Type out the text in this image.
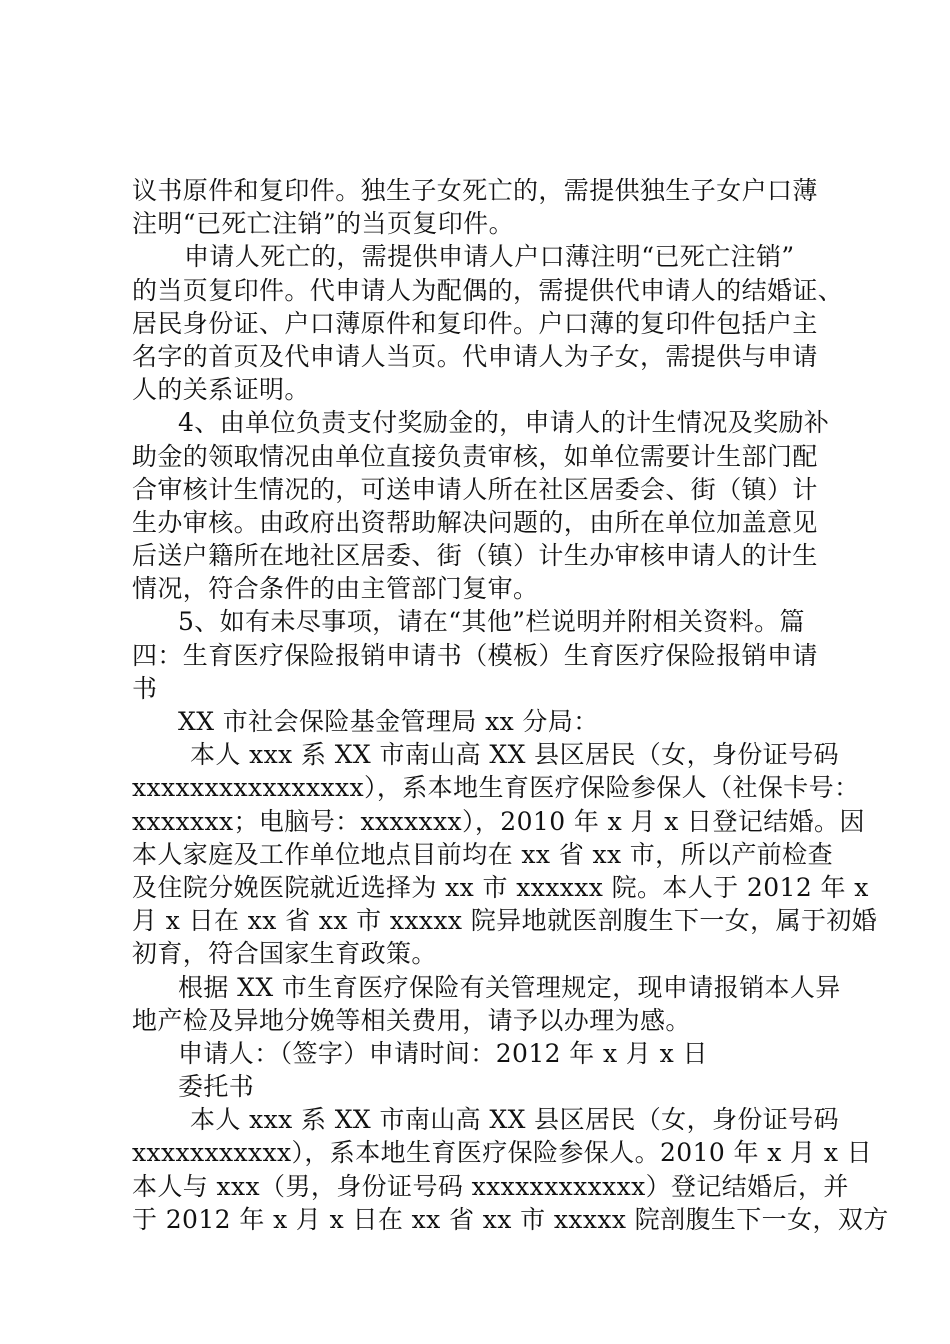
议书原件和复印件。独生子女死亡的，需提供独生子女户口薄
注明“已死亡注销”的当页复印件。
申请人死亡的，需提供申请人户口薄注明“已死亡注销”
的当页复印件。代申请人为配偶的，需提供代申请人的结婚证、
居民身份证、户口薄原件和复印件。户口薄的复印件包括户主
名字的首页及代申请人当页。代申请人为子女，需提供与申请
人的关系证明。
4、由单位负责支付奖励金的，申请人的计生情况及奖励补
助金的领取情况由单位直接负责审核，如单位需要计生部门配
合审核计生情况的，可送申请人所在社区居委会、街（镇）计
生办审核。由政府出资帮助解决问题的，由所在单位加盖意见
后送户籍所在地社区居委、街（镇）计生办审核申请人的计生
情况，符合条件的由主管部门复审。
5、如有未尽事项，请在“其他”栏说明并附相关资料。篇
四：生育医疗保险报销申请书（模板）生育医疗保险报销申请
书
XX 市社会保险基金管理局 xx 分局：
本人 xxx 系 XX 市南山高 XX 县区居民（女，身份证号码
xxxxxxxxxxxxxxxx），系本地生育医疗保险参保人（社保卡号：
xxxxxxx；电脑号：xxxxxxx），2010 年 x 月 x 日登记结婚。因
本人家庭及工作单位地点目前均在 xx 省 xx 市，所以产前检查
及住院分娩医院就近选择为 xx 市 xxxxxx 院。本人于 2012 年 x
月 x 日在 xx 省 xx 市 xxxxx 院异地就医剖腹生下一女，属于初婚
初育，符合国家生育政策。
根据 XX 市生育医疗保险有关管理规定，现申请报销本人异
地产检及异地分娩等相关费用，请予以办理为感。
申请人：（签字）申请时间：2012 年 x 月 x 日
委托书
本人 xxx 系 XX 市南山高 XX 县区居民（女，身份证号码
xxxxxxxxxxx），系本地生育医疗保险参保人。2010 年 x 月 x 日
本人与 xxx（男，身份证号码 xxxxxxxxxxxx）登记结婚后，并
于 2012 年 x 月 x 日在 xx 省 xx 市 xxxxx 院剖腹生下一女，双方
